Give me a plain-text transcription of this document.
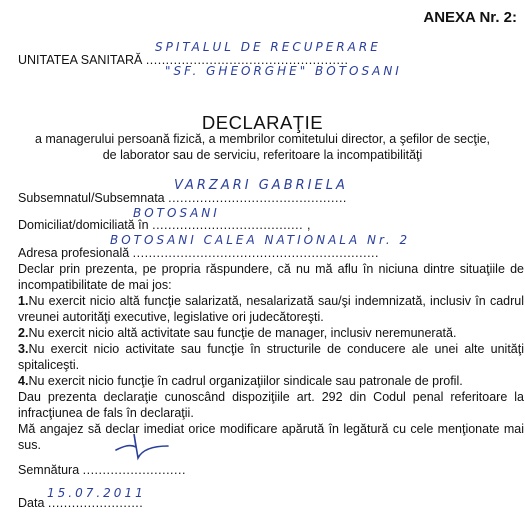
ANEXA Nr. 2:
UNITATEA SANITARĂ ...................................................
SPITALUL DE RECUPERARE
"SF. GHEORGHE" BOTOSANI
DECLARAŢIE
a managerului persoană fizică, a membrilor comitetului director, a şefilor de secţie,
de laborator sau de serviciu, referitoare la incompatibilităţi
Subsemnatul/Subsemnata .............................................
VARZARI GABRIELA
Domiciliat/domiciliată în ...................................... ,
BOTOSANI
Adresa profesională ..............................................................
BOTOSANI CALEA NATIONALA Nr. 2

Declar prin prezenta, pe propria răspundere, că nu mă aflu în niciuna dintre situaţiile de incompatibilitate de mai jos:

1.Nu exercit nicio altă funcţie salarizată, nesalarizată sau/şi indemnizată, inclusiv în cadrul vreunei autorităţi executive, legislative ori judecătoreşti.

2.Nu exercit nicio altă activitate sau funcţie de manager, inclusiv neremunerată.

3.Nu exercit nicio activitate sau funcţie în structurile de conducere ale unei alte unităţi spitaliceşti.

4.Nu exercit nicio funcţie în cadrul organizaţiilor sindicale sau patronale de profil.

Dau prezenta declaraţie cunoscând dispoziţiile art. 292 din Codul penal referitoare la infracţiunea de fals în declaraţii.

Mă angajez să declar imediat orice modificare apărută în legătură cu cele menţionate mai sus.

Semnătura ..........................
Data ........................
15.07.2011
